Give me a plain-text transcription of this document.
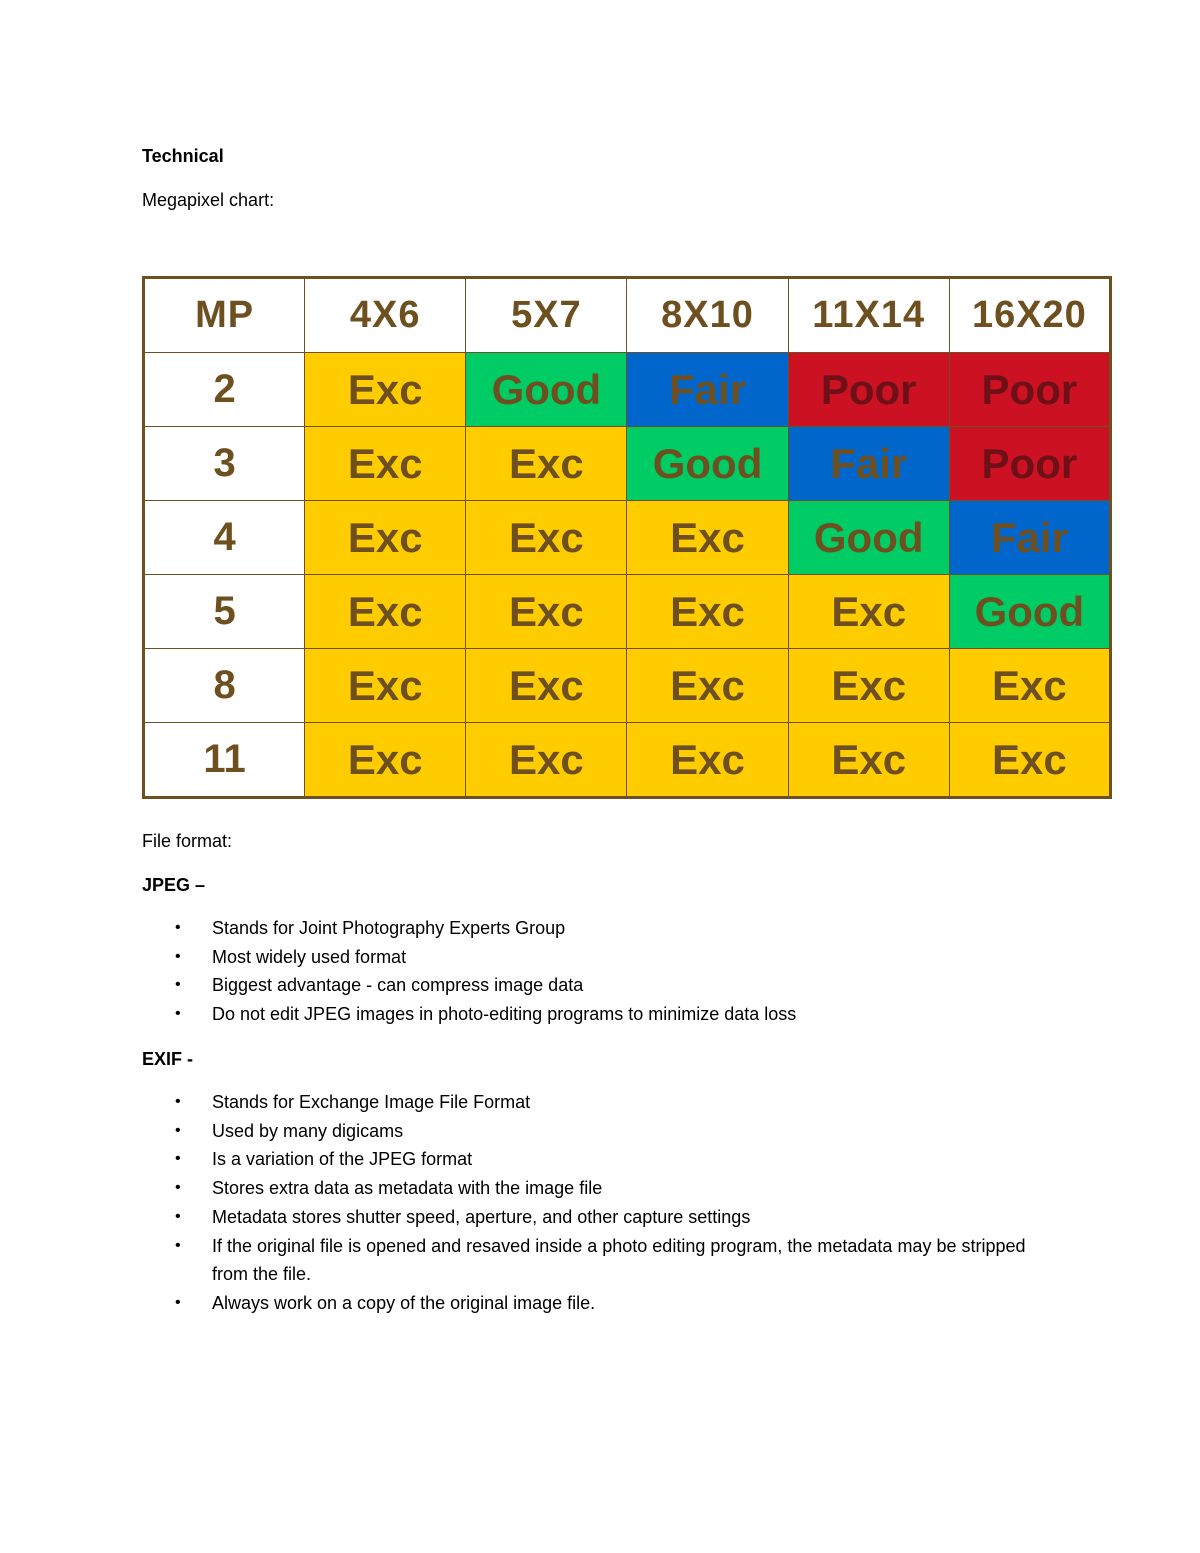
Technical
Megapixel chart:
MP	4X6	5X7	8X10	11X14	16X20
2	Exc	Good	Fair	Poor	Poor
3	Exc	Exc	Good	Fair	Poor
4	Exc	Exc	Exc	Good	Fair
5	Exc	Exc	Exc	Exc	Good
8	Exc	Exc	Exc	Exc	Exc
11	Exc	Exc	Exc	Exc	Exc
File format:
JPEG –
• Stands for Joint Photography Experts Group
• Most widely used format
• Biggest advantage - can compress image data
• Do not edit JPEG images in photo-editing programs to minimize data loss
EXIF -
• Stands for Exchange Image File Format
• Used by many digicams
• Is a variation of the JPEG format
• Stores extra data as metadata with the image file
• Metadata stores shutter speed, aperture, and other capture settings
• If the original file is opened and resaved inside a photo editing program, the metadata may be stripped from the file.
• Always work on a copy of the original image file.
